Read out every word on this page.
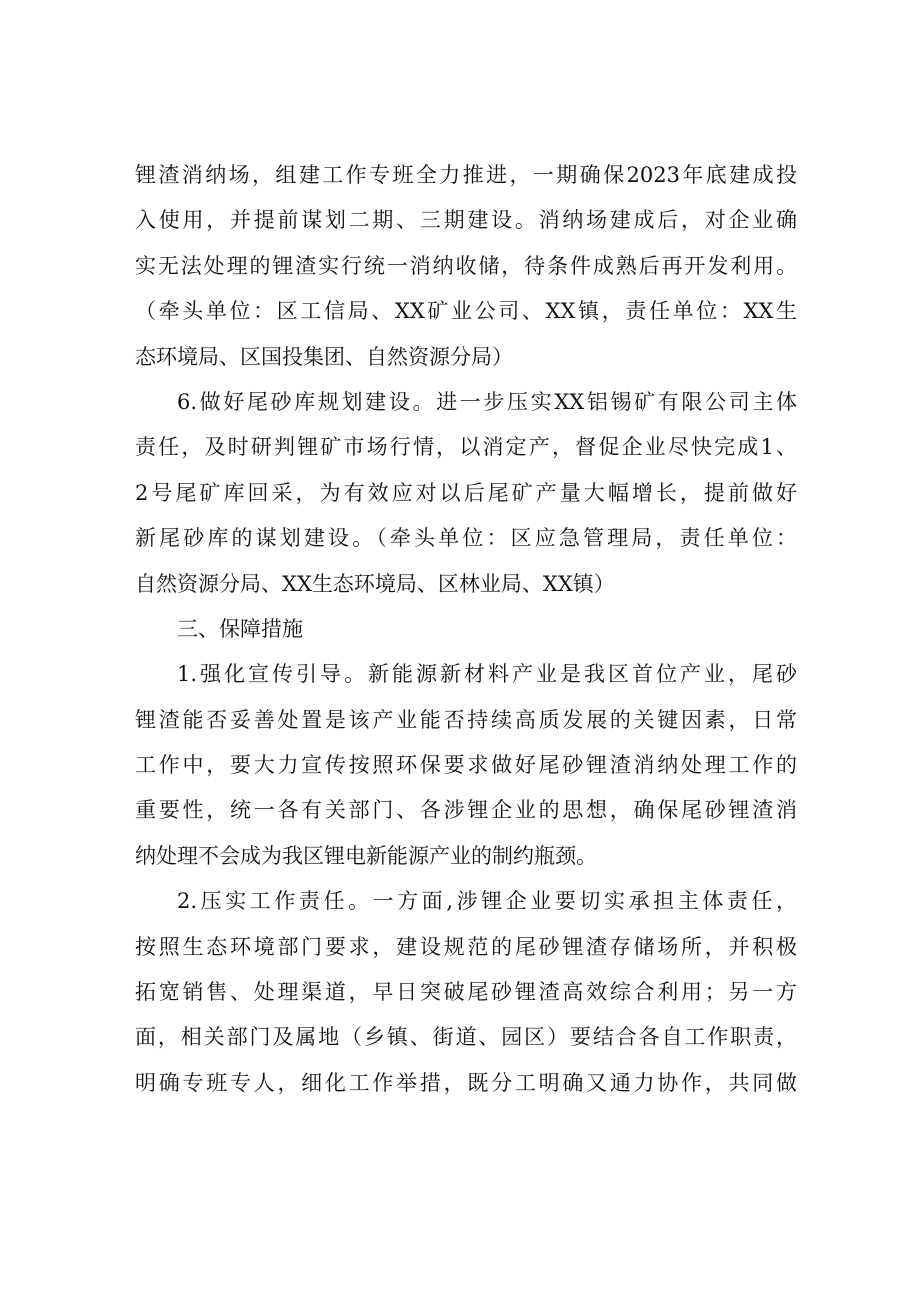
锂渣消纳场，组建工作专班全力推进，一期确保2023年底建成投
入使用，并提前谋划二期、三期建设。消纳场建成后，对企业确
实无法处理的锂渣实行统一消纳收储，待条件成熟后再开发利用。
（牵头单位：区工信局、XX矿业公司、XX镇，责任单位：XX生
态环境局、区国投集团、自然资源分局）
6.做好尾砂库规划建设。进一步压实XX铝锡矿有限公司主体
责任，及时研判锂矿市场行情，以消定产，督促企业尽快完成1、
2号尾矿库回采，为有效应对以后尾矿产量大幅增长，提前做好
新尾砂库的谋划建设。（牵头单位：区应急管理局，责任单位：
自然资源分局、XX生态环境局、区林业局、XX镇）
三、保障措施
1.强化宣传引导。新能源新材料产业是我区首位产业，尾砂
锂渣能否妥善处置是该产业能否持续高质发展的关键因素，日常
工作中，要大力宣传按照环保要求做好尾砂锂渣消纳处理工作的
重要性，统一各有关部门、各涉锂企业的思想，确保尾砂锂渣消
纳处理不会成为我区锂电新能源产业的制约瓶颈。
2.压实工作责任。一方面,涉锂企业要切实承担主体责任，
按照生态环境部门要求，建设规范的尾砂锂渣存储场所，并积极
拓宽销售、处理渠道，早日突破尾砂锂渣高效综合利用；另一方
面，相关部门及属地（乡镇、街道、园区）要结合各自工作职责，
明确专班专人，细化工作举措，既分工明确又通力协作，共同做
